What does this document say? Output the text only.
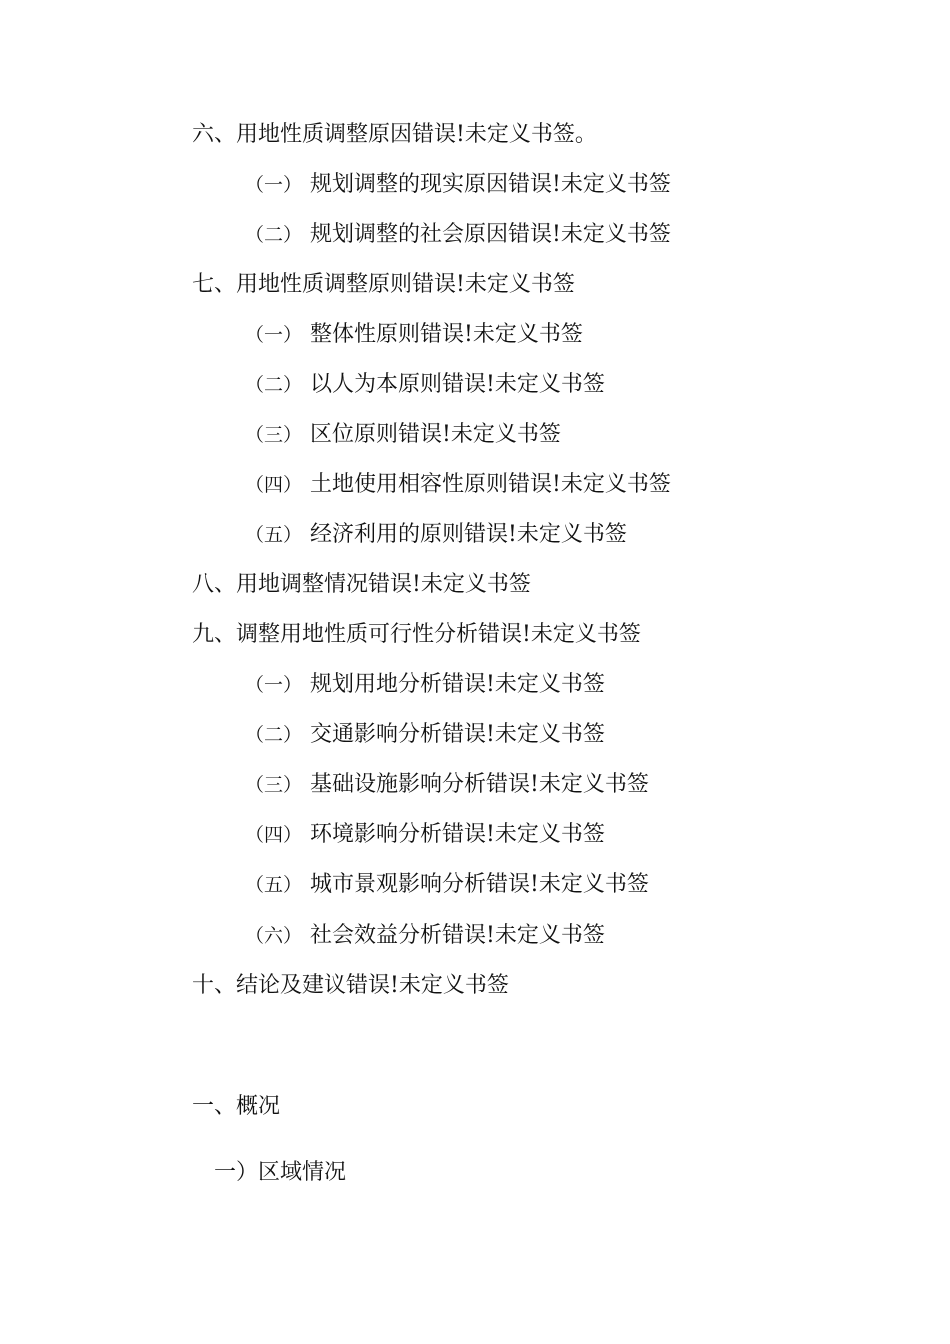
六、用地性质调整原因错误!未定义书签。
（一） 规划调整的现实原因错误!未定义书签
（二） 规划调整的社会原因错误!未定义书签
七、用地性质调整原则错误!未定义书签
（一） 整体性原则错误!未定义书签
（二） 以人为本原则错误!未定义书签
（三） 区位原则错误!未定义书签
（四） 土地使用相容性原则错误!未定义书签
（五） 经济利用的原则错误!未定义书签
八、用地调整情况错误!未定义书签
九、调整用地性质可行性分析错误!未定义书签
（一） 规划用地分析错误!未定义书签
（二） 交通影响分析错误!未定义书签
（三） 基础设施影响分析错误!未定义书签
（四） 环境影响分析错误!未定义书签
（五） 城市景观影响分析错误!未定义书签
（六） 社会效益分析错误!未定义书签
十、结论及建议错误!未定义书签
一、概况
一）区域情况
